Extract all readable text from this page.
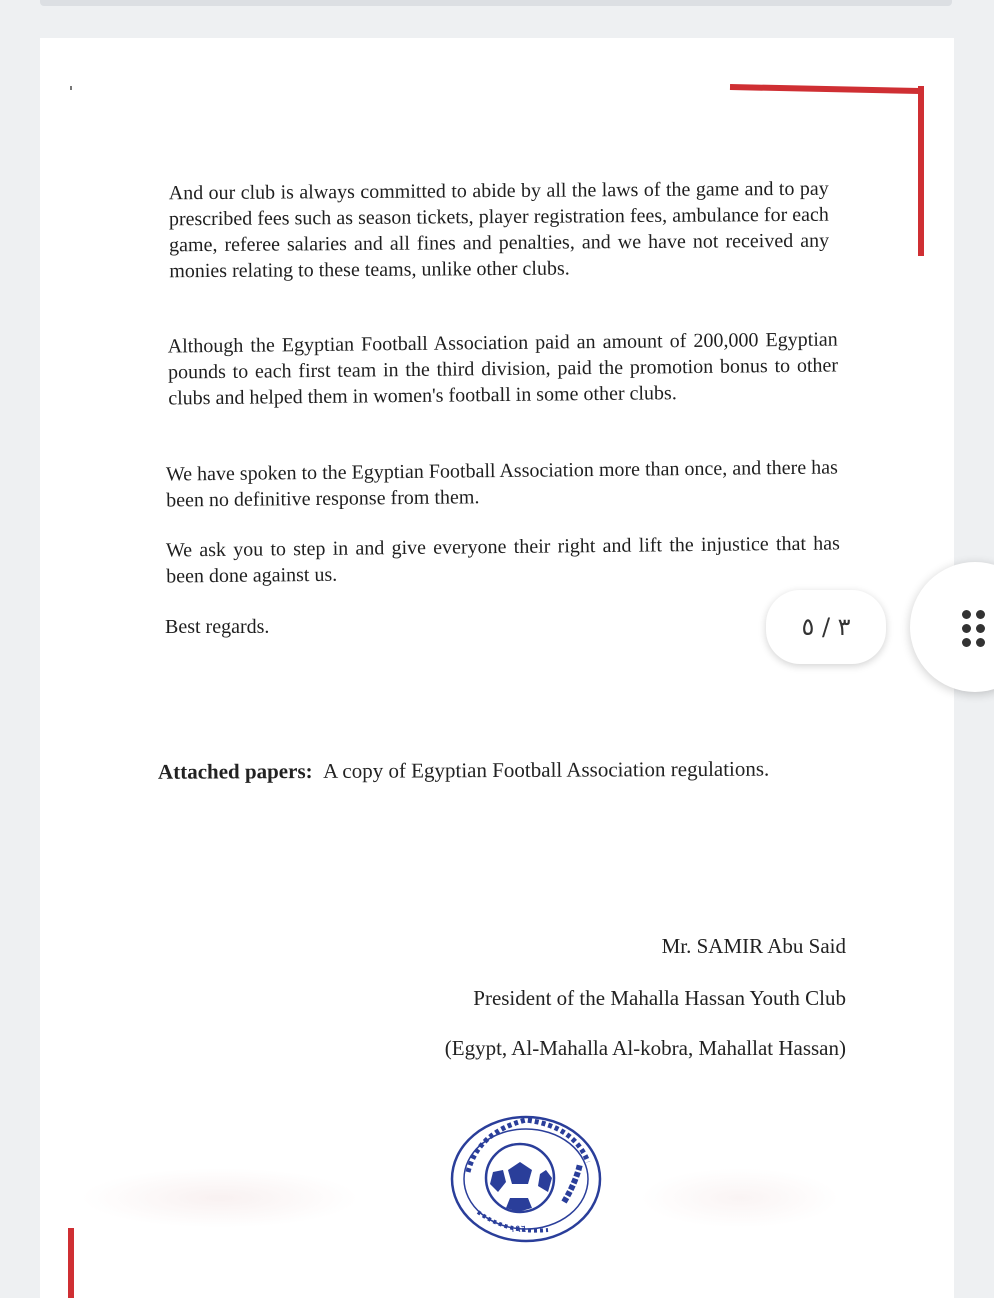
And our club is always committed to abide by all the laws of the game and to pay prescribed fees such as season tickets, player registration fees, ambulance for each game, referee salaries and all fines and penalties, and we have not received any monies relating to these teams, unlike other clubs.

Although the Egyptian Football Association paid an amount of 200,000 Egyptian pounds to each first team in the third division, paid the promotion bonus to other clubs and helped them in women's football in some other clubs.

We have spoken to the Egyptian Football Association more than once, and there has been no definitive response from them.

We ask you to step in and give everyone their right and lift the injustice that has been done against us.

Best regards.

Attached papers: A copy of Egyptian Football Association regulations.

Mr. SAMIR Abu Said

President of the Mahalla Hassan Youth Club

(Egypt, Al-Mahalla Al-kobra, Mahallat Hassan)

١٩٦٠
٣ / ٥
